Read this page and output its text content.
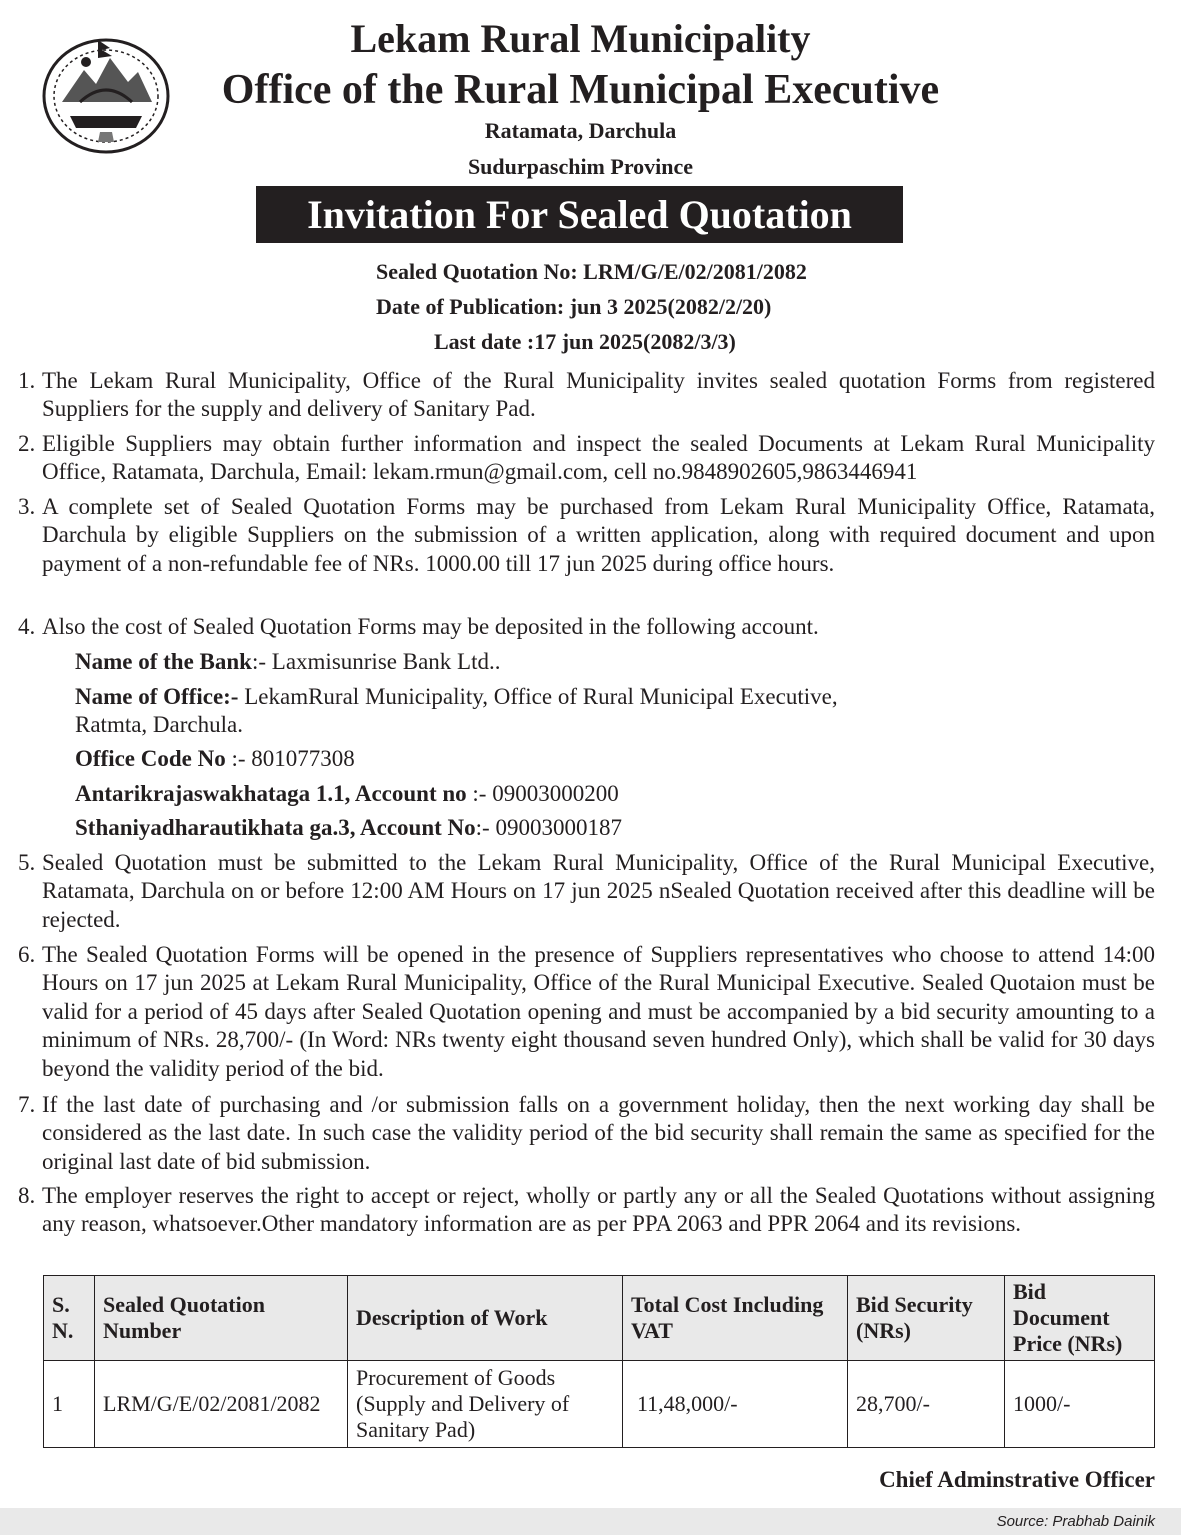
Lekam Rural Municipality
Office of the Rural Municipal Executive
Ratamata, Darchula
Sudurpaschim Province
Invitation For Sealed Quotation
Sealed Quotation No: LRM/G/E/02/2081/2082
Date of Publication: jun 3 2025(2082/2/20)
Last date :17 jun 2025(2082/3/3)
1. The Lekam Rural Municipality, Office of the Rural Municipality invites sealed quotation Forms from registered Suppliers for the supply and delivery of Sanitary Pad.
2. Eligible Suppliers may obtain further information and inspect the sealed Documents at Lekam Rural Municipality Office, Ratamata, Darchula, Email: lekam.rmun@gmail.com, cell no.9848902605,9863446941
3. A complete set of Sealed Quotation Forms may be purchased from Lekam Rural Municipality Office, Ratamata, Darchula by eligible Suppliers on the submission of a written application, along with required document and upon payment of a non-refundable fee of NRs. 1000.00 till 17 jun 2025 during office hours.
4. Also the cost of Sealed Quotation Forms may be deposited in the following account.
Name of the Bank:- Laxmisunrise Bank Ltd..
Name of Office:- LekamRural Municipality, Office of Rural Municipal Executive,
Ratmta, Darchula.
Office Code No :- 801077308
Antarikrajaswakhataga 1.1, Account no :- 09003000200
Sthaniyadharautikhata ga.3, Account No:- 09003000187
5. Sealed Quotation must be submitted to the Lekam Rural Municipality, Office of the Rural Municipal Executive, Ratamata, Darchula on or before 12:00 AM Hours on 17 jun 2025 nSealed Quotation received after this deadline will be rejected.
6. The Sealed Quotation Forms will be opened in the presence of Suppliers representatives who choose to attend 14:00 Hours on 17 jun 2025 at Lekam Rural Municipality, Office of the Rural Municipal Executive. Sealed Quotaion must be valid for a period of 45 days after Sealed Quotation opening and must be accompanied by a bid security amounting to a minimum of NRs. 28,700/- (In Word: NRs twenty eight thousand seven hundred Only), which shall be valid for 30 days beyond the validity period of the bid.
7. If the last date of purchasing and /or submission falls on a government holiday, then the next working day shall be considered as the last date. In such case the validity period of the bid security shall remain the same as specified for the original last date of bid submission.
8. The employer reserves the right to accept or reject, wholly or partly any or all the Sealed Quotations without assigning any reason, whatsoever.Other mandatory information are as per PPA 2063 and PPR 2064 and its revisions.
S. N.	Sealed Quotation Number	Description of Work	Total Cost Including VAT	Bid Security (NRs)	Bid Document Price (NRs)
1	LRM/G/E/02/2081/2082	Procurement of Goods (Supply and Delivery of Sanitary Pad)	11,48,000/-	28,700/-	1000/-
Chief Adminstrative Officer
Source: Prabhab Dainik
